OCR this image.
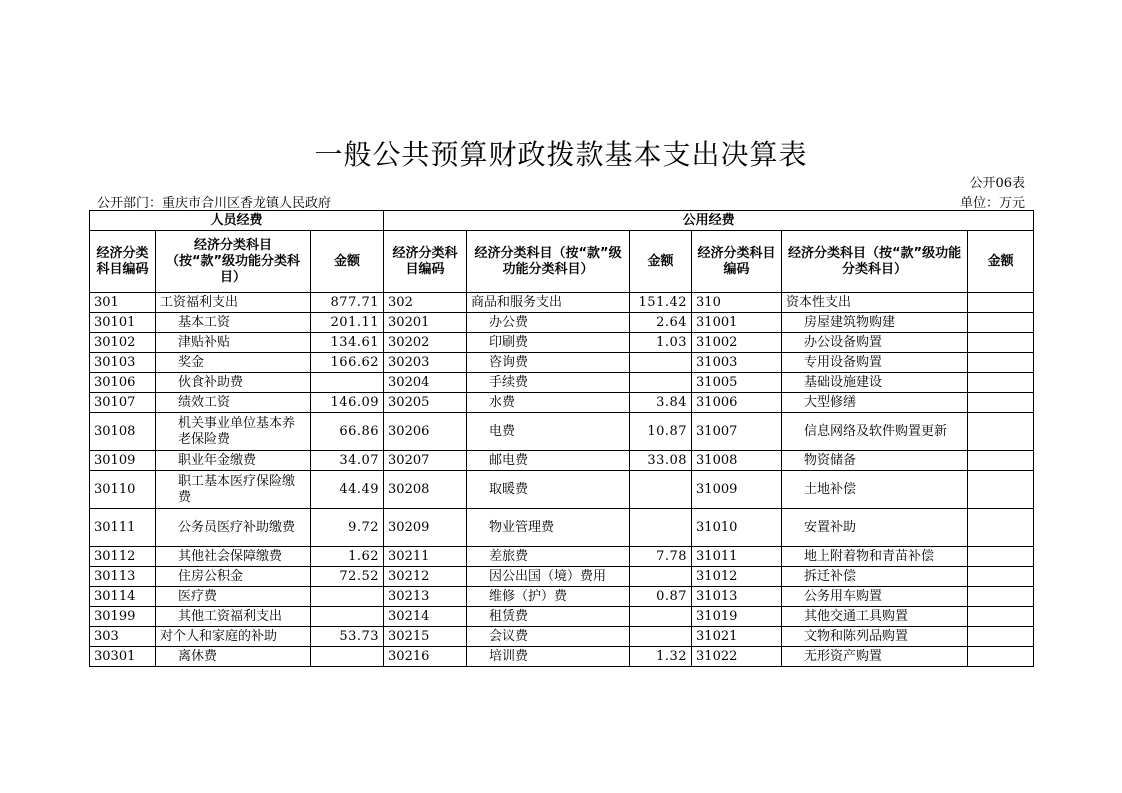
一般公共预算财政拨款基本支出决算表
公开06表
公开部门：重庆市合川区香龙镇人民政府	单位：万元
人员经费			公用经费					
经济分类科目编码	经济分类科目（按“款”级功能分类科目）	金额	经济分类科目编码	经济分类科目（按“款”级功能分类科目）	金额	经济分类科目编码	经济分类科目（按“款”级功能分类科目）	金额
301	工资福利支出	877.71	302	商品和服务支出	151.42	310	资本性支出	
30101	基本工资	201.11	30201	办公费	2.64	31001	房屋建筑物购建	
30102	津贴补贴	134.61	30202	印刷费	1.03	31002	办公设备购置	
30103	奖金	166.62	30203	咨询费		31003	专用设备购置	
30106	伙食补助费		30204	手续费		31005	基础设施建设	
30107	绩效工资	146.09	30205	水费	3.84	31006	大型修缮	
30108	机关事业单位基本养老保险费	66.86	30206	电费	10.87	31007	信息网络及软件购置更新	
30109	职业年金缴费	34.07	30207	邮电费	33.08	31008	物资储备	
30110	职工基本医疗保险缴费	44.49	30208	取暖费		31009	土地补偿	
30111	公务员医疗补助缴费	9.72	30209	物业管理费		31010	安置补助	
30112	其他社会保障缴费	1.62	30211	差旅费	7.78	31011	地上附着物和青苗补偿	
30113	住房公积金	72.52	30212	因公出国（境）费用		31012	拆迁补偿	
30114	医疗费		30213	维修（护）费	0.87	31013	公务用车购置	
30199	其他工资福利支出		30214	租赁费		31019	其他交通工具购置	
303	对个人和家庭的补助	53.73	30215	会议费		31021	文物和陈列品购置	
30301	离休费		30216	培训费	1.32	31022	无形资产购置	
